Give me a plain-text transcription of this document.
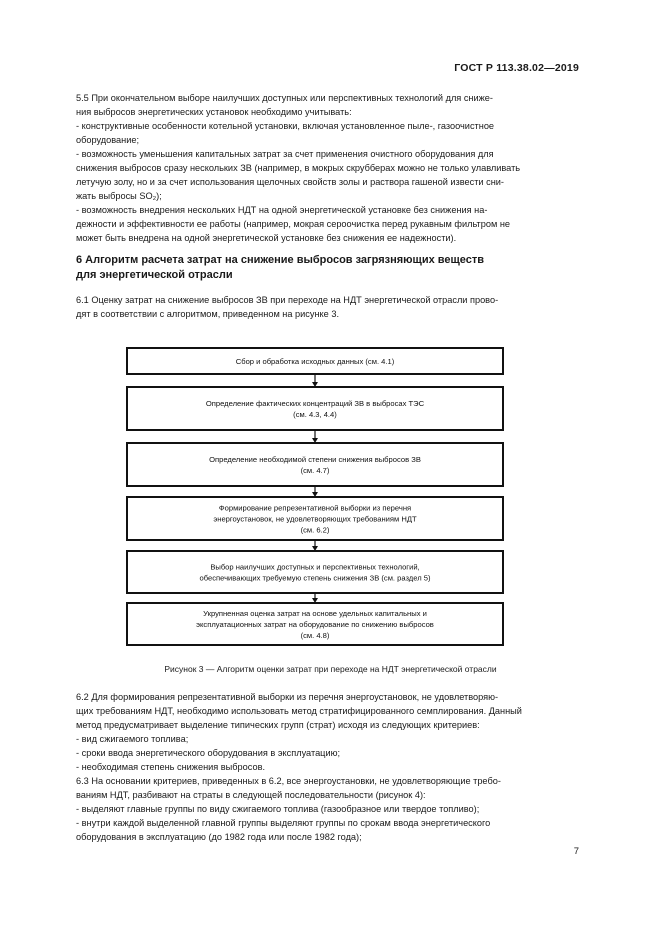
ГОСТ Р 113.38.02—2019
5.5 При окончательном выборе наилучших доступных или перспективных технологий для сниже-
ния выбросов энергетических установок необходимо учитывать:
- конструктивные особенности котельной установки, включая установленное пыле-, газоочистное
оборудование;
- возможность уменьшения капитальных затрат за счет применения очистного оборудования для
снижения выбросов сразу нескольких ЗВ (например, в мокрых скрубберах можно не только улавливать
летучую золу, но и за счет использования щелочных свойств золы и раствора гашеной извести сни-
жать выбросы SO₂);
- возможность внедрения нескольких НДТ на одной энергетической установке без снижения на-
дежности и эффективности ее работы (например, мокрая сероочистка перед рукавным фильтром не
может быть внедрена на одной энергетической установке без снижения ее надежности).
6 Алгоритм расчета затрат на снижение выбросов загрязняющих веществ
для энергетической отрасли
6.1 Оценку затрат на снижение выбросов ЗВ при переходе на НДТ энергетической отрасли прово-
дят в соответствии с алгоритмом, приведенном на рисунке 3.
Сбор и обработка исходных данных (см. 4.1)
Определение фактических концентраций ЗВ в выбросах ТЭС
(см. 4.3, 4.4)
Определение необходимой степени снижения выбросов ЗВ
(см. 4.7)
Формирование репрезентативной выборки из перечня
энергоустановок, не удовлетворяющих требованиям НДТ
(см. 6.2)
Выбор наилучших доступных и перспективных технологий,
обеспечивающих требуемую степень снижения ЗВ (см. раздел 5)
Укрупненная оценка затрат на основе удельных капитальных и
эксплуатационных затрат на оборудование по снижению выбросов
(см. 4.8)
Рисунок 3 — Алгоритм оценки затрат при переходе на НДТ энергетической отрасли
6.2 Для формирования репрезентативной выборки из перечня энергоустановок, не удовлетворяю-
щих требованиям НДТ, необходимо использовать метод стратифицированного семплирования. Данный
метод предусматривает выделение типических групп (страт) исходя из следующих критериев:
- вид сжигаемого топлива;
- сроки ввода энергетического оборудования в эксплуатацию;
- необходимая степень снижения выбросов.
6.3 На основании критериев, приведенных в 6.2, все энергоустановки, не удовлетворяющие требо-
ваниям НДТ, разбивают на страты в следующей последовательности (рисунок 4):
- выделяют главные группы по виду сжигаемого топлива (газообразное или твердое топливо);
- внутри каждой выделенной главной группы выделяют группы по срокам ввода энергетического
оборудования в эксплуатацию (до 1982 года или после 1982 года);
7
